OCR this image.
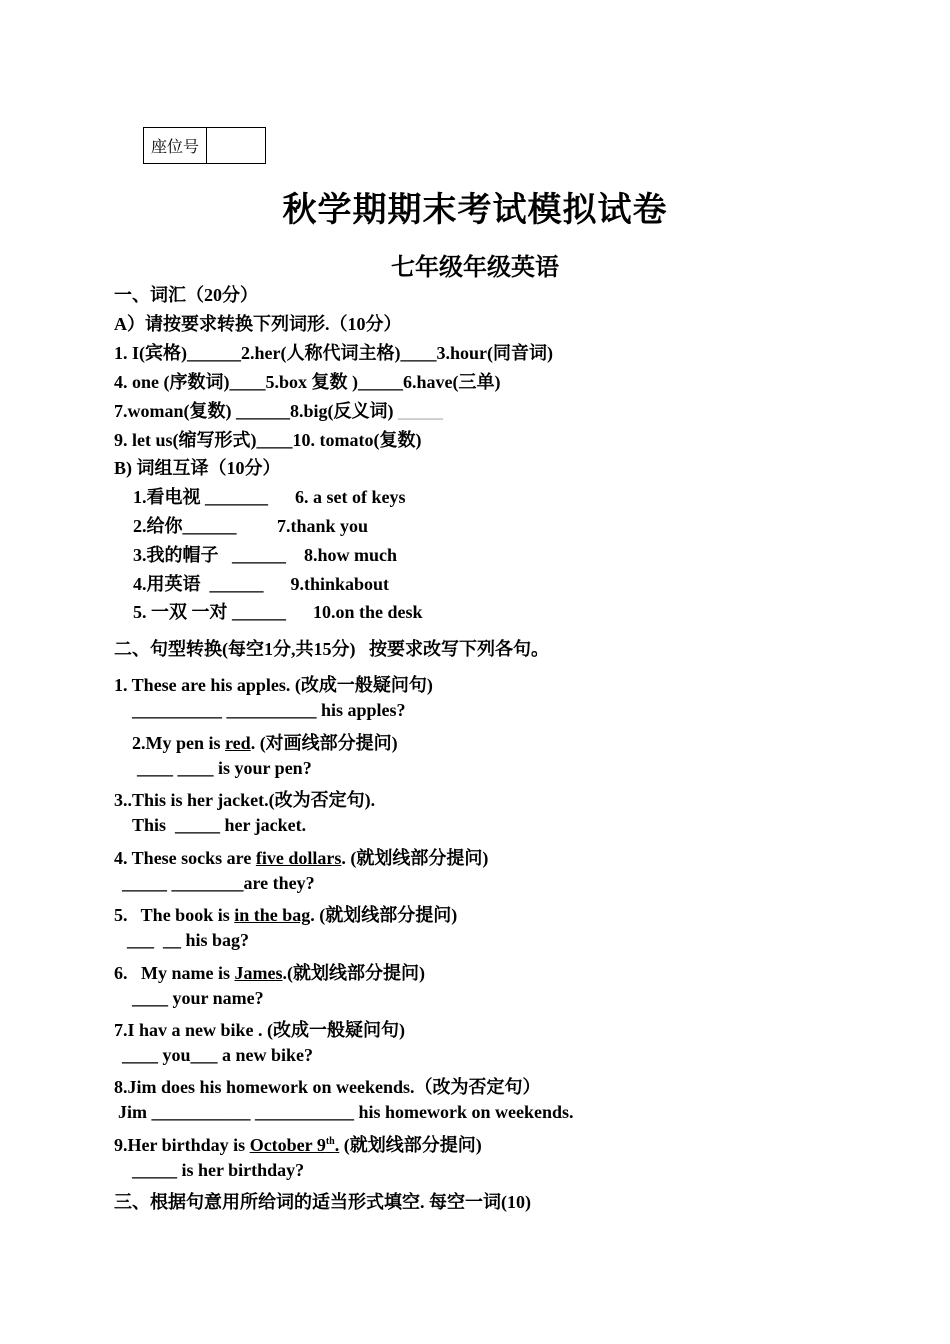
座位号
秋学期期末考试模拟试卷
七年级年级英语
一、词汇（20分）
A）请按要求转换下列词形.（10分）
1. I(宾格)______2.her(人称代词主格)____3.hour(同音词)
4. one (序数词)____5.box 复数 )_____6.have(三单)
7.woman(复数) ______8.big(反义词) _____
9. let us(缩写形式)____10. tomato(复数)
B) 词组互译（10分）
1.看电视 _______      6. a set of keys
2.给你______         7.thank you
3.我的帽子   ______    8.how much
4.用英语  ______      9.thinkabout
5. 一双 一对 ______      10.on the desk
二、句型转换(每空1分,共15分)   按要求改写下列各句。
1. These are his apples. (改成一般疑问句)
__________ __________ his apples?
2.My pen is red. (对画线部分提问)
____ ____ is your pen?
3..This is her jacket.(改为否定句).
This  _____ her jacket.
4. These socks are five dollars. (就划线部分提问)
_____ ________are they?
5.   The book is in the bag. (就划线部分提问)
___  __ his bag?
6.   My name is James.(就划线部分提问)
____ your name?
7.I hav a new bike . (改成一般疑问句)
____ you___ a new bike?
8.Jim does his homework on weekends.（改为否定句）
Jim ___________ ___________ his homework on weekends.
9.Her birthday is October 9th. (就划线部分提问)
_____ is her birthday?
三、根据句意用所给词的适当形式填空. 每空一词(10)
